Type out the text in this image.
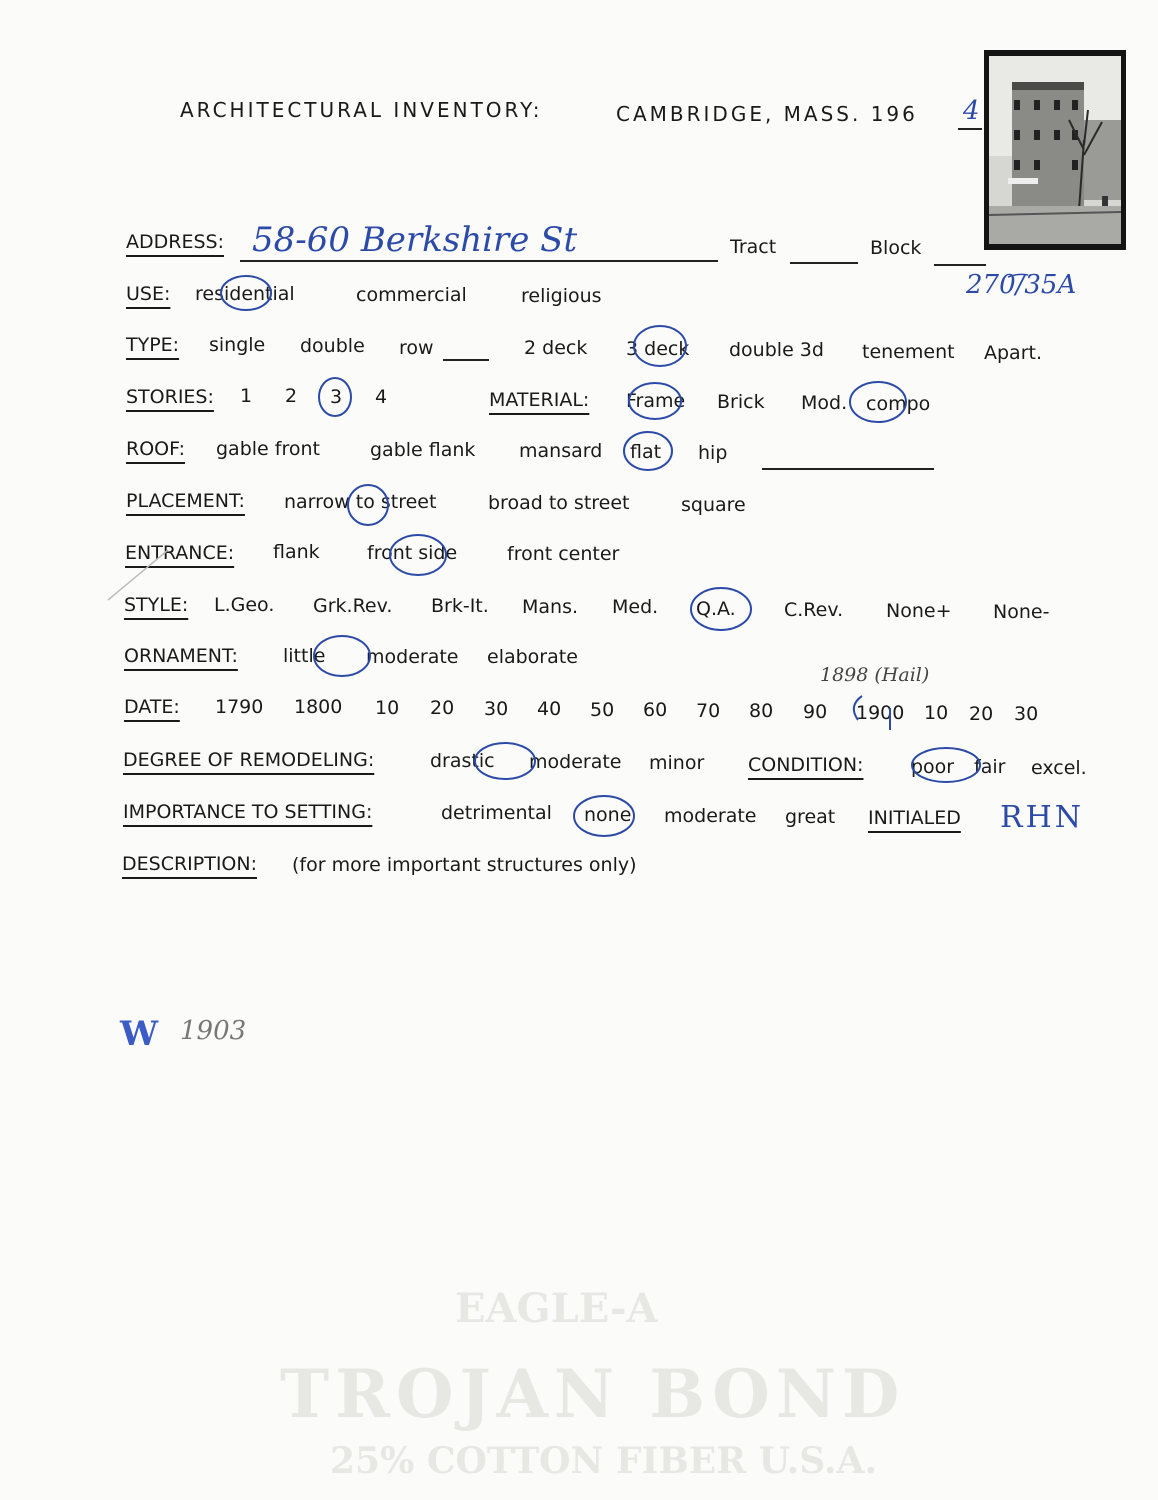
EAGLE-A
TROJAN BOND
25% COTTON FIBER U.S.A.
ARCHITECTURAL INVENTORY:	CAMBRIDGE, MASS. 196 4
ADDRESS: 58-60 Berkshire St	Tract	Block
270/35A
USE: residential	commercial	religious
TYPE: single double row	2 deck 3 deck double 3d tenement Apart.
STORIES: 1 2 3 4	MATERIAL: Frame Brick Mod. compo
ROOF: gable front	gable flank mansard flat hip
PLACEMENT: narrow to street	broad to street	square
ENTRANCE: flank front side	front center
STYLE: L.Geo. Grk.Rev. Brk-It. Mans. Med. Q.A.	C.Rev. None+ None-
ORNAMENT: little moderate elaborate
1898 (Hail)
DATE: 1790 1800 10 20 30 40 50 60 70 80 90 1900 10 20 30
DEGREE OF REMODELING:	drastic moderate minor CONDITION:	poor fair excel.
IMPORTANCE TO SETTING:	detrimental none moderate great INITIALED RHN
DESCRIPTION: (for more important structures only)
W 1903
